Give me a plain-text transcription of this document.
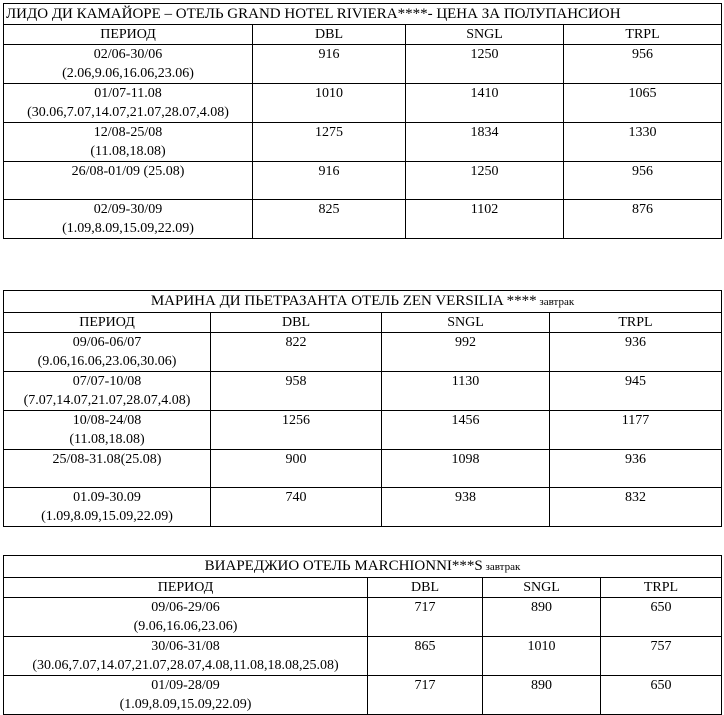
ЛИДО ДИ КАМАЙОРЕ – ОТЕЛЬ GRAND HOTEL RIVIERA****- ЦЕНА ЗА ПОЛУПАНСИОН			
ПЕРИОД	DBL	SNGL	TRPL

02/06-30/06
(2.06,9.06,16.06,23.06)	916	1250	956

01/07-11.08
(30.06,7.07,14.07,21.07,28.07,4.08)	1010	1410	1065

12/08-25/08
(11.08,18.08)	1275	1834	1330

26/08-01/09 (25.08)	916	1250	956

02/09-30/09
(1.09,8.09,15.09,22.09)	825	1102	876
МАРИНА ДИ ПЬЕТРАЗАНТА ОТЕЛЬ ZEN VERSILIA **** завтрак			
ПЕРИОД	DBL	SNGL	TRPL

09/06-06/07
(9.06,16.06,23.06,30.06)	822	992	936

07/07-10/08
(7.07,14.07,21.07,28.07,4.08)	958	1130	945

10/08-24/08
(11.08,18.08)	1256	1456	1177

25/08-31.08(25.08)	900	1098	936

01.09-30.09
(1.09,8.09,15.09,22.09)	740	938	832
ВИАРЕДЖИО ОТЕЛЬ MARCHIONNI***S завтрак			
ПЕРИОД	DBL	SNGL	TRPL

09/06-29/06
(9.06,16.06,23.06)	717	890	650

30/06-31/08
(30.06,7.07,14.07,21.07,28.07,4.08,11.08,18.08,25.08)	865	1010	757

01/09-28/09
(1.09,8.09,15.09,22.09)	717	890	650
